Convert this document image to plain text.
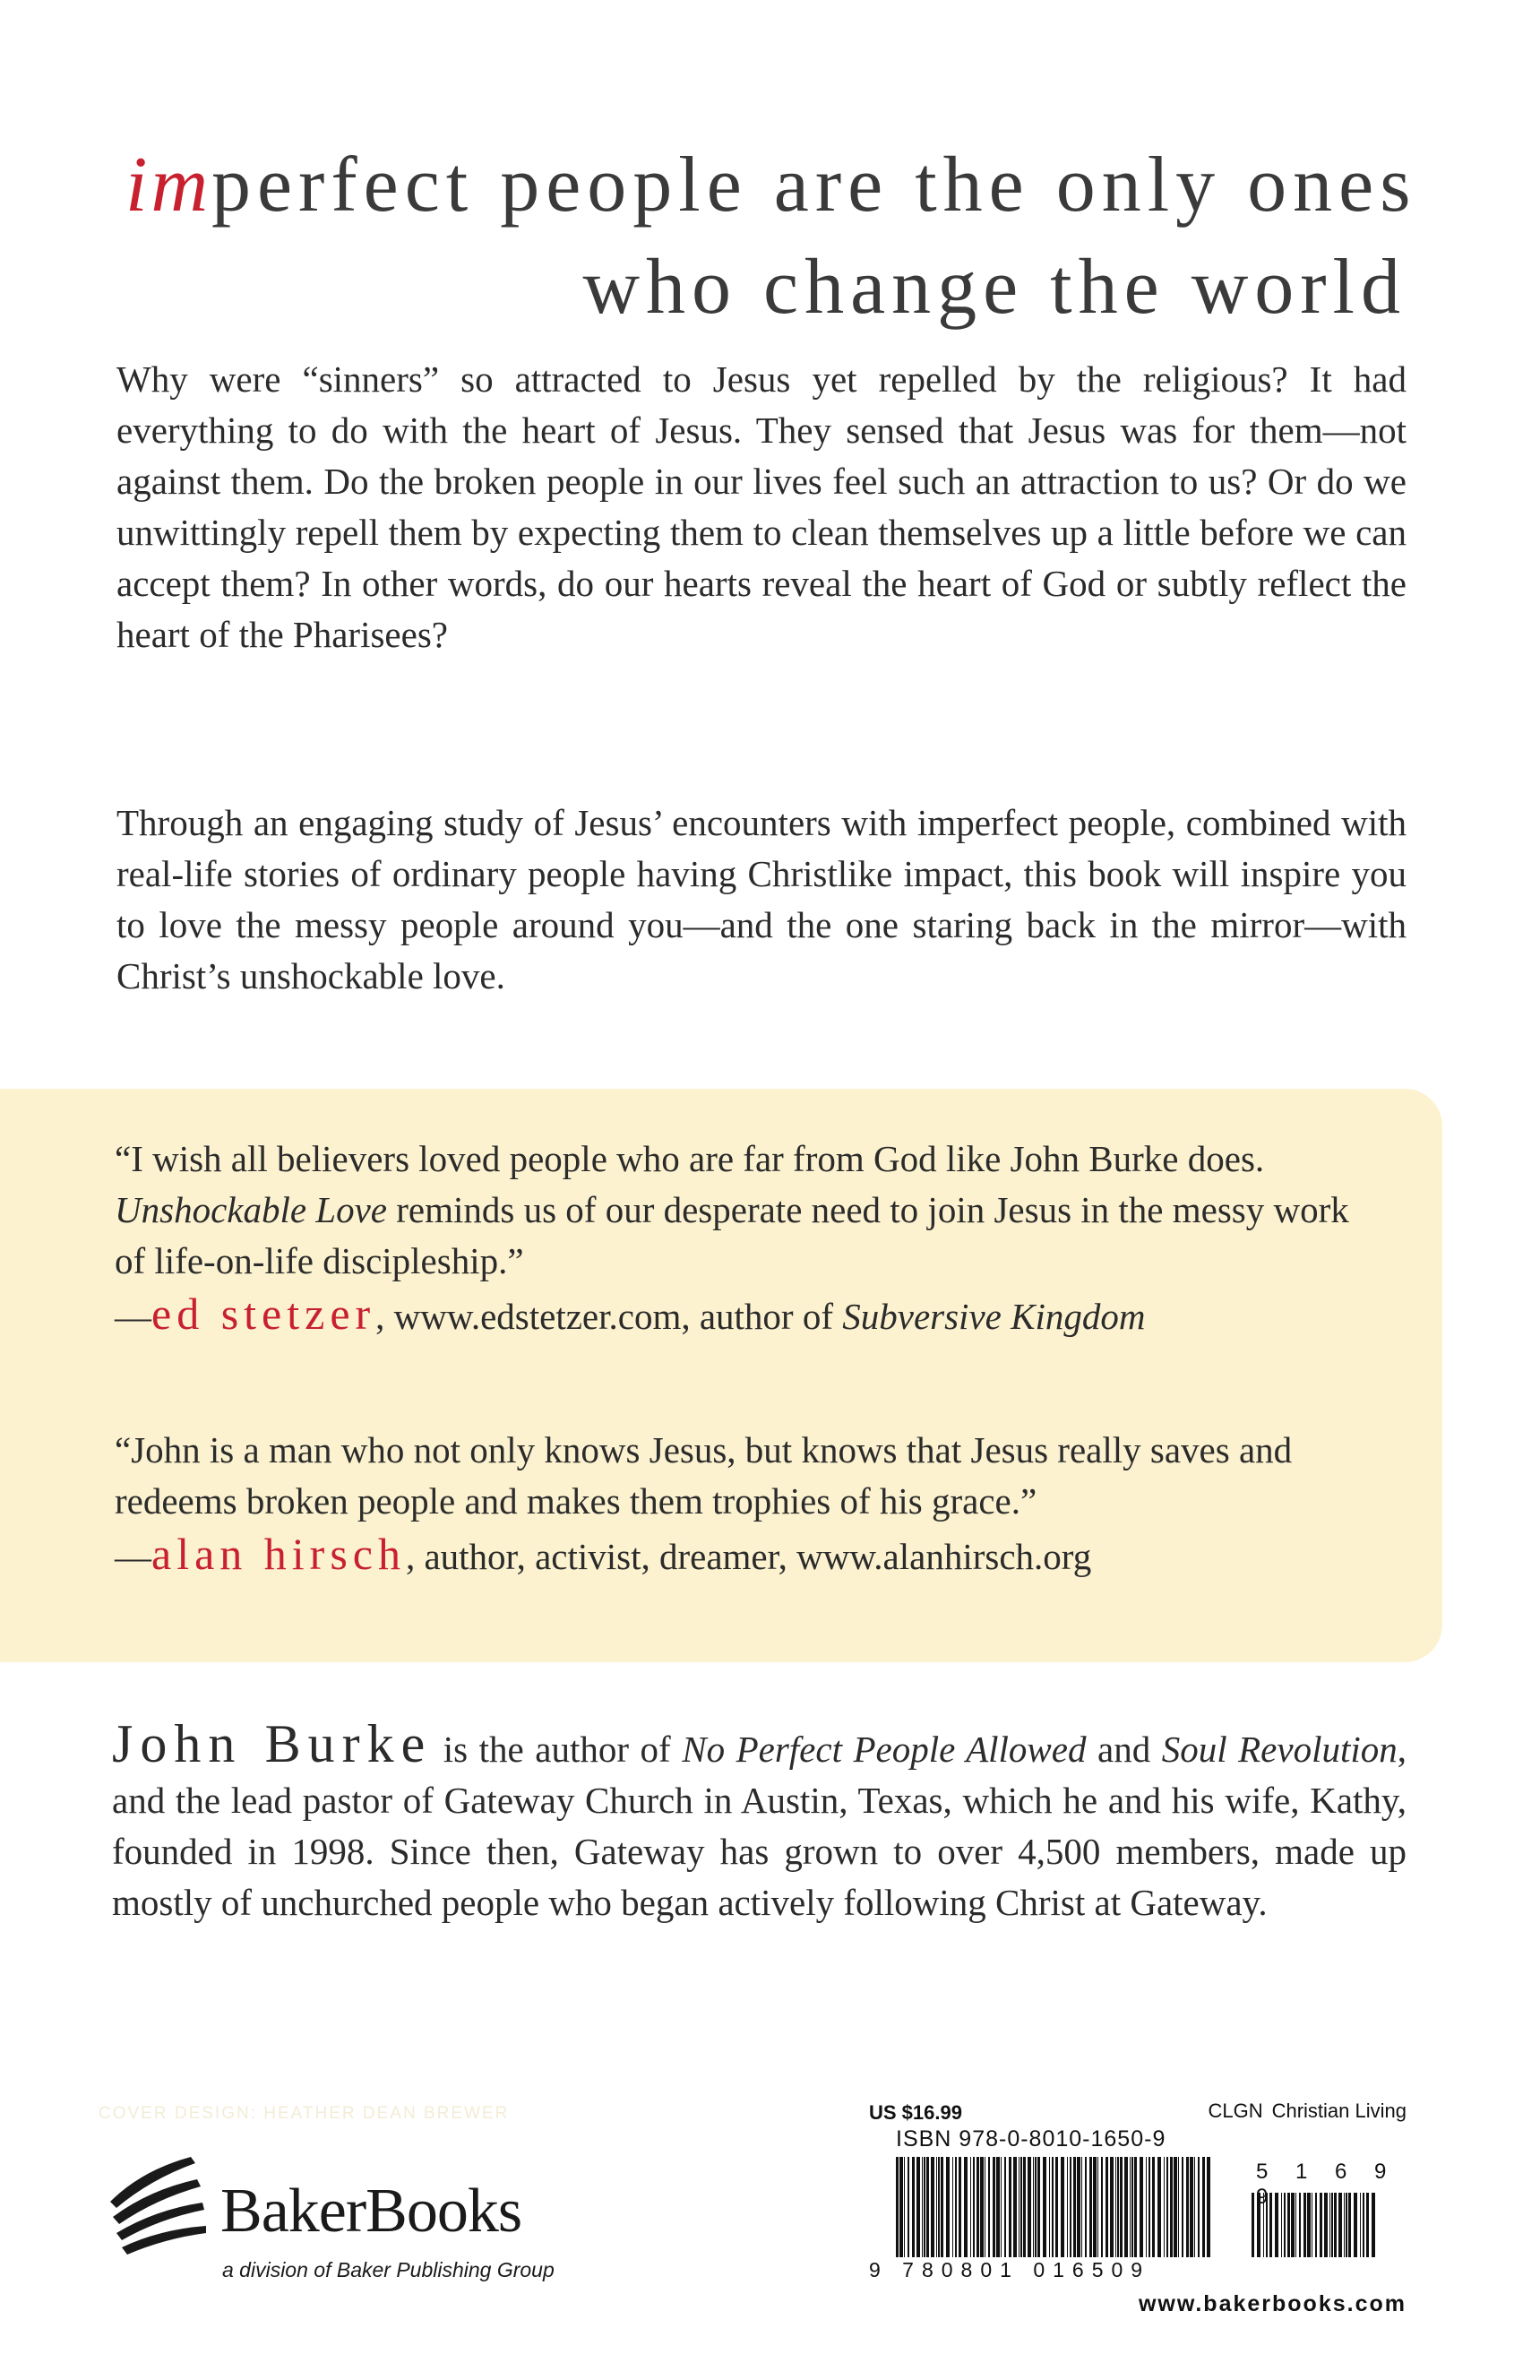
imperfect people are the only ones
who change the world

Why were “sinners” so attracted to Jesus yet repelled by the religious? It had everything to do with the heart of Jesus. They sensed that Jesus was for them—not against them. Do the broken people in our lives feel such an attraction to us? Or do we unwittingly repell them by expecting them to clean themselves up a little before we can accept them? In other words, do our hearts reveal the heart of God or subtly reflect the heart of the Pharisees?

Through an engaging study of Jesus’ encounters with imperfect people, combined with real-life stories of ordinary people having Christlike impact, this book will inspire you to love the messy people around you—and the one staring back in the mirror—with Christ’s unshockable love.

“I wish all believers loved people who are far from God like John Burke does. Unshockable Love reminds us of our desperate need to join Jesus in the messy work of life-on-life discipleship.”
—ed stetzer, www.edstetzer.com, author of Subversive Kingdom
“John is a man who not only knows Jesus, but knows that Jesus really saves and redeems broken people and makes them trophies of his grace.”
—alan hirsch, author, activist, dreamer, www.alanhirsch.org

John Burke is the author of No Perfect People Allowed and Soul Revolution, and the lead pastor of Gateway Church in Austin, Texas, which he and his wife, Kathy, founded in 1998. Since then, Gateway has grown to over 4,500 members, made up mostly of unchurched people who began actively following Christ at Gateway.

COVER DESIGN: HEATHER DEAN BREWER
BakerBooks
a division of Baker Publishing Group
US $16.99	CLGN Christian Living
ISBN 978-0-8010-1650-9
5 1 6 9
9 780801 016509
www.bakerbooks.com
